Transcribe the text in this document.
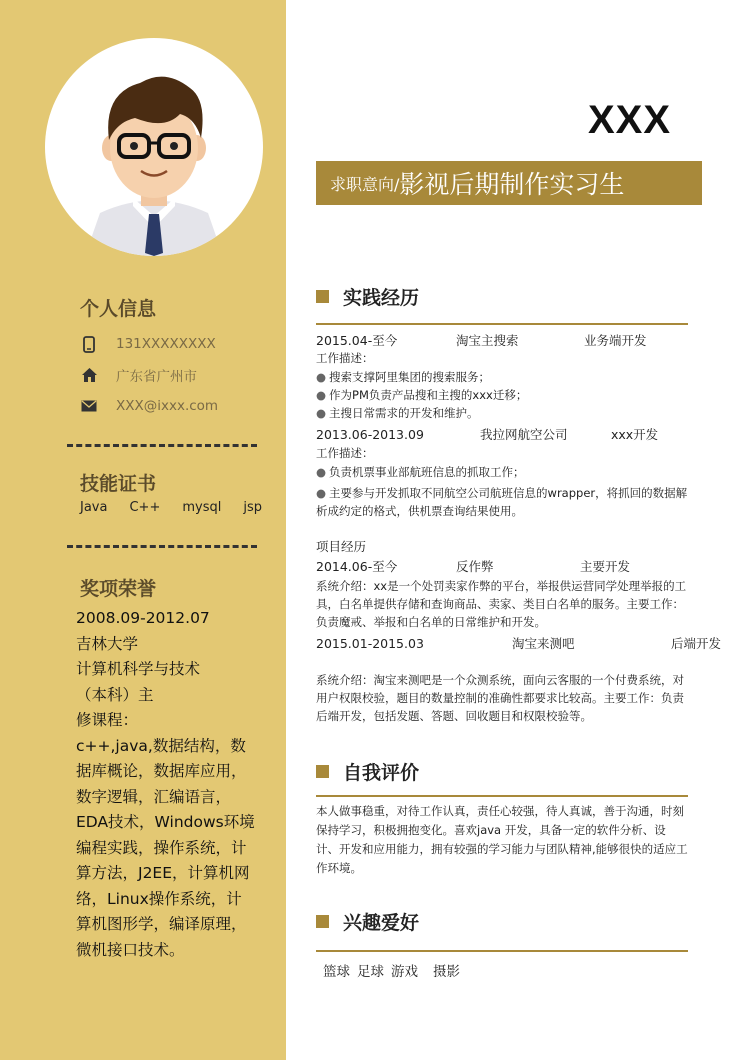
个人信息
131XXXXXXXX
广东省广州市
XXX@ixxx.com
技能证书
Java C++ mysql jsp
奖项荣誉
2008.09-2012.07
吉林大学
计算机科学与技术
（本科）主
修课程：
c++,java,数据结构，数据库概论，数据库应用，数字逻辑，汇编语言，EDA技术，Windows环境编程实践，操作系统，计算方法，J2EE，计算机网络，Linux操作系统，计算机图形学，编译原理，微机接口技术。
XXX
求职意向/ 影视后期制作实习生
实践经历
2015.04-至今	淘宝主搜索	业务端开发
工作描述：
● 搜索支撑阿里集团的搜索服务；
● 作为PM负责产品搜和主搜的xxx迁移；
● 主搜日常需求的开发和维护。
2013.06-2013.09	我拉网航空公司	xxx开发
工作描述：
● 负责机票事业部航班信息的抓取工作；
● 主要参与开发抓取不同航空公司航班信息的wrapper，将抓回的数据解析成约定的格式，供机票查询结果使用。
项目经历
2014.06-至今	反作弊	主要开发
系统介绍：xx是一个处罚卖家作弊的平台，举报供运营同学处理举报的工具，白名单提供存储和查询商品、卖家、类目白名单的服务。主要工作：负责魔戒、举报和白名单的日常维护和开发。
2015.01-2015.03	淘宝来测吧	后端开发
系统介绍：淘宝来测吧是一个众测系统，面向云客服的一个付费系统，对用户权限校验，题目的数量控制的准确性都要求比较高。主要工作：负责后端开发，包括发题、答题、回收题目和权限校验等。
自我评价
本人做事稳重，对待工作认真，责任心较强，待人真诚，善于沟通，时刻保持学习，积极拥抱变化。喜欢java 开发，具备一定的软件分析、设计、开发和应用能力，拥有较强的学习能力与团队精神,能够很快的适应工作环境。
兴趣爱好
篮球 足球 游戏 摄影
